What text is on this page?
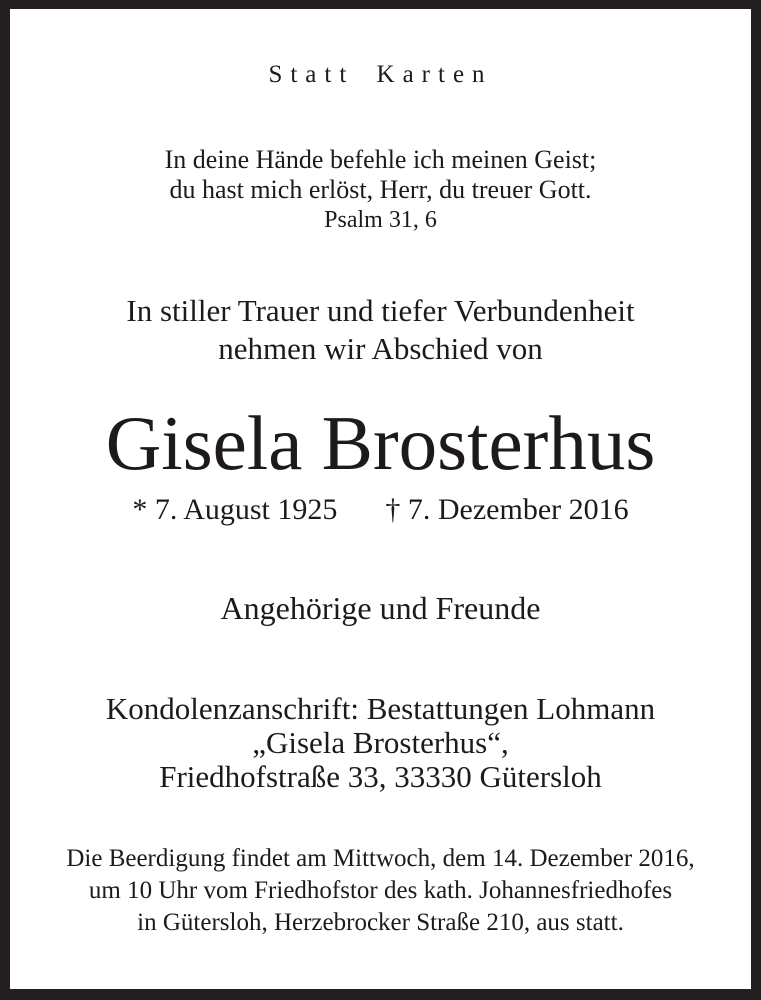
Statt Karten
In deine Hände befehle ich meinen Geist;
du hast mich erlöst, Herr, du treuer Gott.
Psalm 31, 6
In stiller Trauer und tiefer Verbundenheit
nehmen wir Abschied von
Gisela Brosterhus
* 7. August 1925 † 7. Dezember 2016
Angehörige und Freunde
Kondolenzanschrift: Bestattungen Lohmann
„Gisela Brosterhus“,
Friedhofstraße 33, 33330 Gütersloh
Die Beerdigung findet am Mittwoch, dem 14. Dezember 2016,
um 10 Uhr vom Friedhofstor des kath. Johannesfriedhofes
in Gütersloh, Herzebrocker Straße 210, aus statt.
